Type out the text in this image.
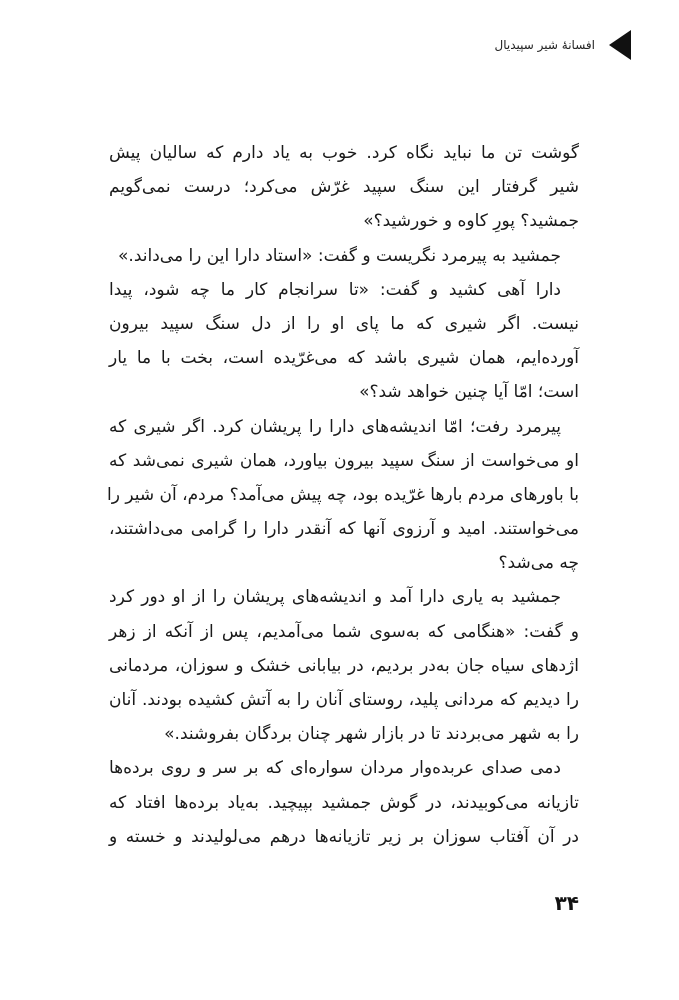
افسانهٔ شیر سپیدیال
گوشت تن ما نباید نگاه کرد. خوب به یاد دارم که سالیان پیش
شیر گرفتار این سنگ سپید غرّش می‌کرد؛ درست نمی‌گویم
جمشید؟ پورِ کاوه و خورشید؟»
جمشید به پیرمرد نگریست و گفت: «استاد دارا این را می‌داند.»
دارا آهی کشید و گفت: «تا سرانجام کار ما چه شود، پیدا
نیست. اگر شیری که ما پای او را از دل سنگ سپید بیرون
آورده‌ایم، همان شیری باشد که می‌غرّیده است، بخت با ما یار
است؛ امّا آیا چنین خواهد شد؟»
پیرمرد رفت؛ امّا اندیشه‌های دارا را پریشان کرد. اگر شیری که
او می‌خواست از سنگ سپید بیرون بیاورد، همان شیری نمی‌شد که
با باورهای مردم بارها غرّیده بود، چه پیش می‌آمد؟ مردم، آن شیر را
می‌خواستند. امید و آرزوی آنها که آنقدر دارا را گرامی می‌داشتند،
چه می‌شد؟
جمشید به یاری دارا آمد و اندیشه‌های پریشان را از او دور کرد
و گفت: «هنگامی که به‌سوی شما می‌آمدیم، پس از آنکه از زهر
اژدهای سیاه جان به‌در بردیم، در بیابانی خشک و سوزان، مردمانی
را دیدیم که مردانی پلید، روستای آنان را به آتش کشیده بودند. آنان
را به شهر می‌بردند تا در بازار شهر چنان بردگان بفروشند.»
دمی صدای عربده‌وار مردان سواره‌ای که بر سر و روی برده‌ها
تازیانه می‌کوبیدند، در گوش جمشید بپیچید. به‌یاد برده‌ها افتاد که
در آن آفتاب سوزان بر زیر تازیانه‌ها درهم می‌لولیدند و خسته و
۳۴
